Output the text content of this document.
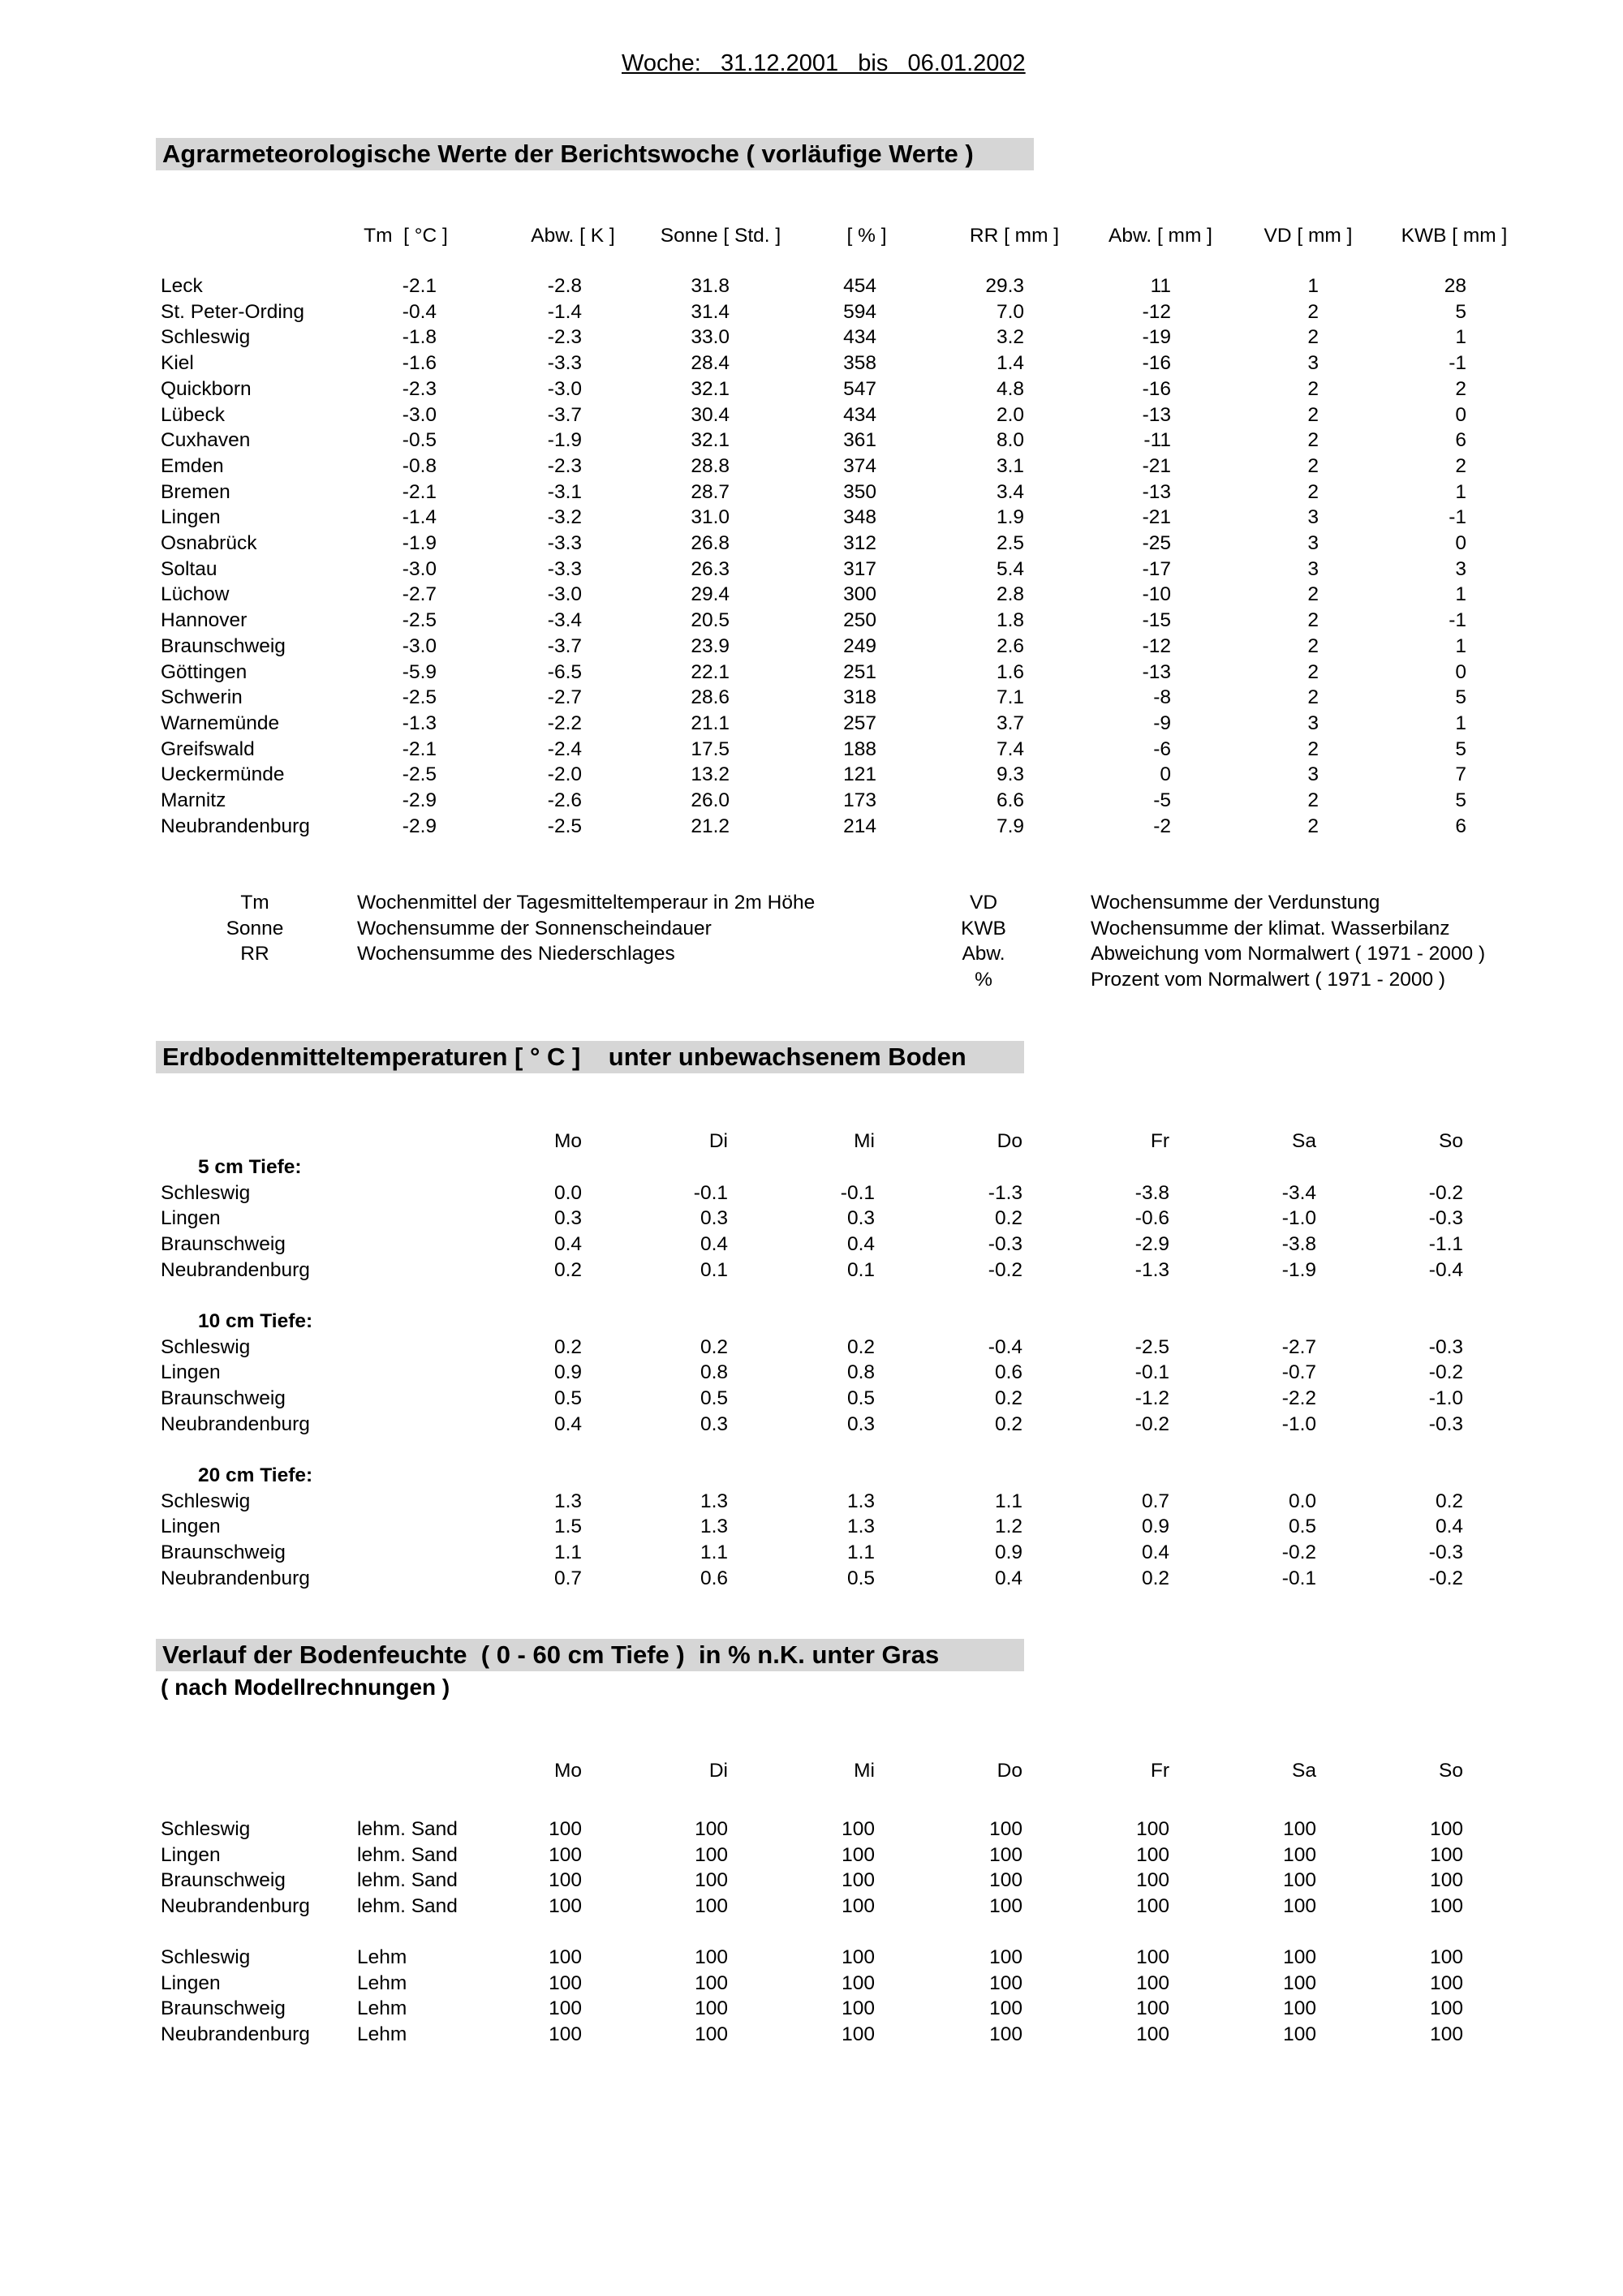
Woche:   31.12.2001   bis   06.01.2002
Agrarmeteorologische Werte der Berichtswoche ( vorläufige Werte )
Tm  [ °C ]	Abw. [ K ] Sonne [ Std. ]	[ % ]	RR [ mm ] Abw. [ mm ]	VD [ mm ] KWB [ mm ]
Leck	-2.1	-2.8	31.8	454	29.3	11	1	28
St. Peter-Ording	-0.4	-1.4	31.4	594	7.0	-12	2	5
Schleswig	-1.8	-2.3	33.0	434	3.2	-19	2	1
Kiel	-1.6	-3.3	28.4	358	1.4	-16	3	-1
Quickborn	-2.3	-3.0	32.1	547	4.8	-16	2	2
Lübeck	-3.0	-3.7	30.4	434	2.0	-13	2	0
Cuxhaven	-0.5	-1.9	32.1	361	8.0	-11	2	6
Emden	-0.8	-2.3	28.8	374	3.1	-21	2	2
Bremen	-2.1	-3.1	28.7	350	3.4	-13	2	1
Lingen	-1.4	-3.2	31.0	348	1.9	-21	3	-1
Osnabrück	-1.9	-3.3	26.8	312	2.5	-25	3	0
Soltau	-3.0	-3.3	26.3	317	5.4	-17	3	3
Lüchow	-2.7	-3.0	29.4	300	2.8	-10	2	1
Hannover	-2.5	-3.4	20.5	250	1.8	-15	2	-1
Braunschweig	-3.0	-3.7	23.9	249	2.6	-12	2	1
Göttingen	-5.9	-6.5	22.1	251	1.6	-13	2	0
Schwerin	-2.5	-2.7	28.6	318	7.1	-8	2	5
Warnemünde	-1.3	-2.2	21.1	257	3.7	-9	3	1
Greifswald	-2.1	-2.4	17.5	188	7.4	-6	2	5
Ueckermünde	-2.5	-2.0	13.2	121	9.3	0	3	7
Marnitz	-2.9	-2.6	26.0	173	6.6	-5	2	5
Neubrandenburg	-2.9	-2.5	21.2	214	7.9	-2	2	6
Tm	Wochenmittel der Tagesmitteltemperaur in 2m Höhe
Sonne	Wochensumme der Sonnenscheindauer
RR	Wochensumme des Niederschlages
VD	Wochensumme der Verdunstung
KWB	Wochensumme der klimat. Wasserbilanz
Abw.	Abweichung vom Normalwert ( 1971 - 2000 )
%	Prozent vom Normalwert ( 1971 - 2000 )
Erdbodenmitteltemperaturen [ ° C ]    unter unbewachsenem Boden
Mo	Di	Mi	Do	Fr	Sa	So
5 cm Tiefe:
Schleswig	0.0	-0.1	-0.1	-1.3	-3.8	-3.4	-0.2
Lingen	0.3	0.3	0.3	0.2	-0.6	-1.0	-0.3
Braunschweig	0.4	0.4	0.4	-0.3	-2.9	-3.8	-1.1
Neubrandenburg	0.2	0.1	0.1	-0.2	-1.3	-1.9	-0.4
10 cm Tiefe:
Schleswig	0.2	0.2	0.2	-0.4	-2.5	-2.7	-0.3
Lingen	0.9	0.8	0.8	0.6	-0.1	-0.7	-0.2
Braunschweig	0.5	0.5	0.5	0.2	-1.2	-2.2	-1.0
Neubrandenburg	0.4	0.3	0.3	0.2	-0.2	-1.0	-0.3
20 cm Tiefe:
Schleswig	1.3	1.3	1.3	1.1	0.7	0.0	0.2
Lingen	1.5	1.3	1.3	1.2	0.9	0.5	0.4
Braunschweig	1.1	1.1	1.1	0.9	0.4	-0.2	-0.3
Neubrandenburg	0.7	0.6	0.5	0.4	0.2	-0.1	-0.2
Verlauf der Bodenfeuchte  ( 0 - 60 cm Tiefe )  in % n.K. unter Gras
( nach Modellrechnungen )
Mo	Di	Mi	Do	Fr	Sa	So
Schleswig	lehm. Sand	100	100	100	100	100	100	100
Lingen	lehm. Sand	100	100	100	100	100	100	100
Braunschweig	lehm. Sand	100	100	100	100	100	100	100
Neubrandenburg lehm. Sand	100	100	100	100	100	100	100
Schleswig	Lehm	100	100	100	100	100	100	100
Lingen	Lehm	100	100	100	100	100	100	100
Braunschweig	Lehm	100	100	100	100	100	100	100
Neubrandenburg Lehm	100	100	100	100	100	100	100
